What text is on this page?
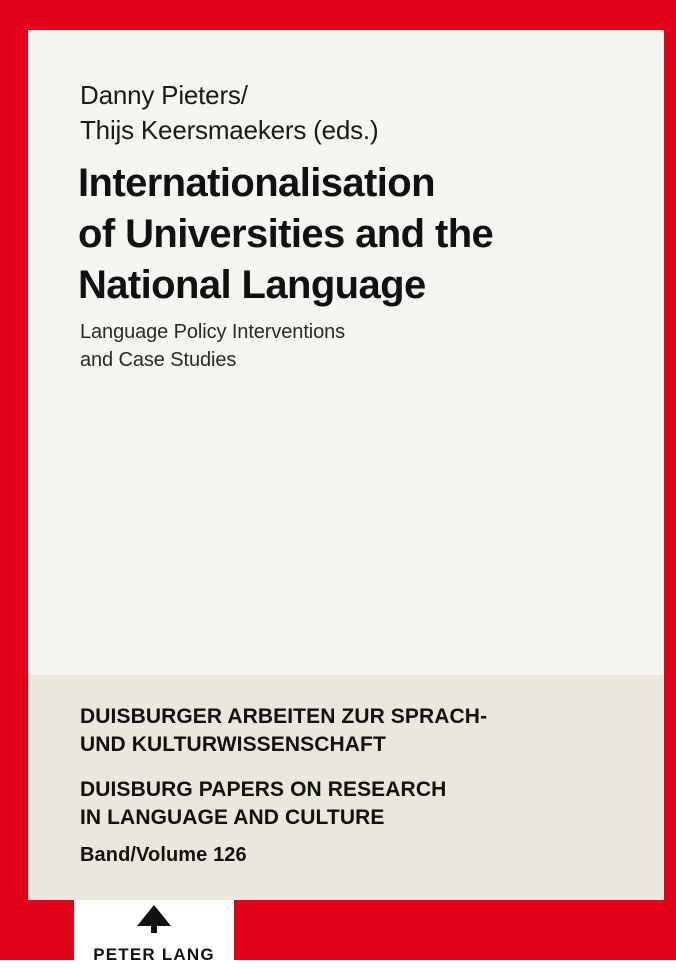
Danny Pieters/
Thijs Keersmaekers (eds.)
Internationalisation
of Universities and the
National Language
Language Policy Interventions
and Case Studies
DUISBURGER ARBEITEN ZUR SPRACH-
UND KULTURWISSENSCHAFT
DUISBURG PAPERS ON RESEARCH
IN LANGUAGE AND CULTURE
Band/Volume 126
PETER LANG
